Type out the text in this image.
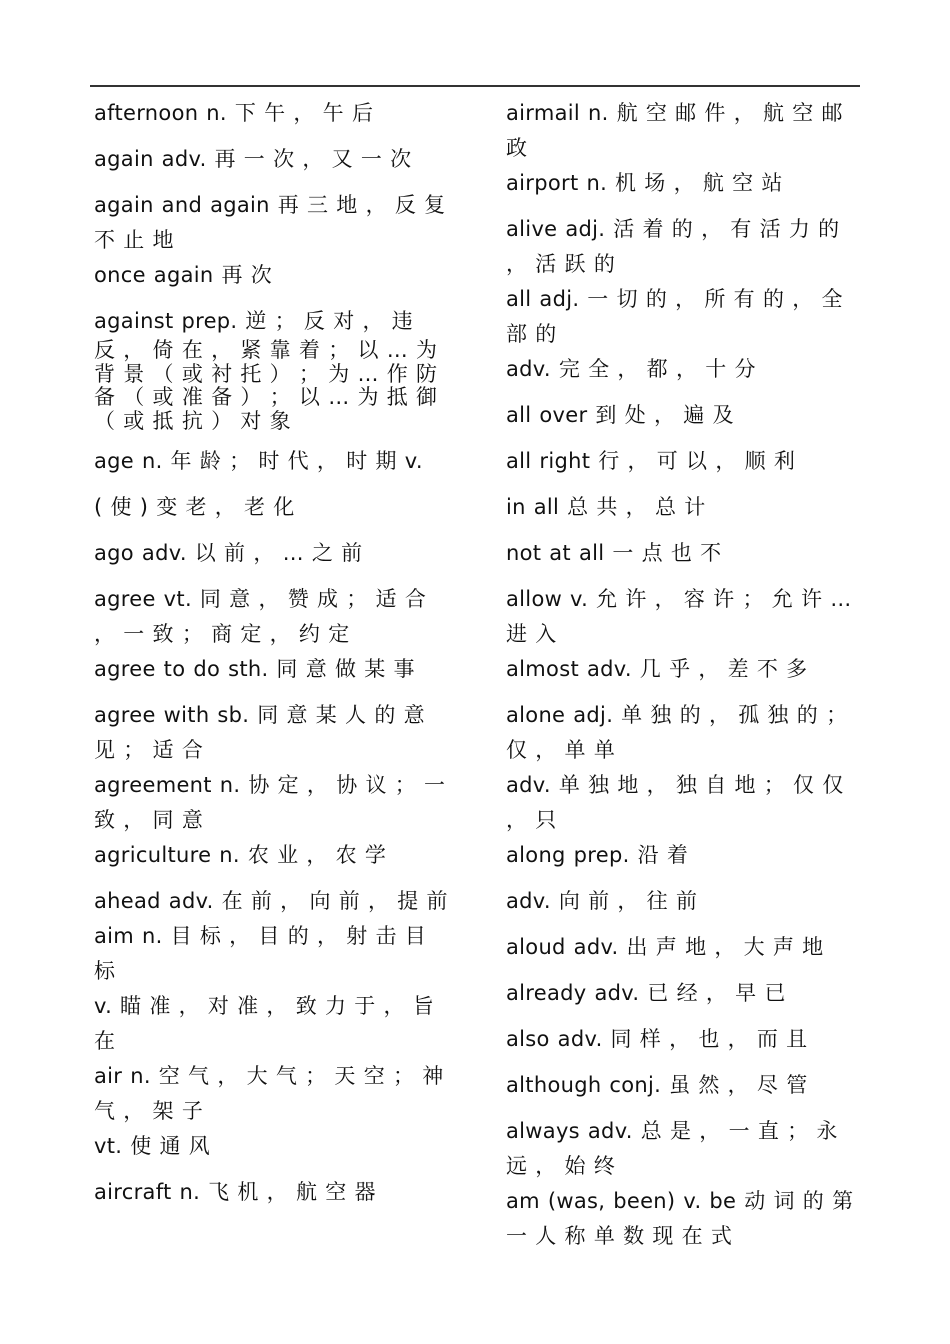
afternoon n. 下 午 ， 午 后
again adv. 再 一 次 ， 又 一 次
again and again 再 三 地 ， 反 复 不 止 地
once again 再 次
against prep. 逆 ； 反 对 ， 违
反 ， 倚 在 ， 紧 靠 着 ； 以 … 为 背 景 （ 或 衬 托 ） ； 为 … 作 防 备 （ 或 准 备 ） ； 以 … 为 抵 御 （ 或 抵 抗 ） 对 象
age n. 年 龄 ； 时 代 ， 时 期 v.
( 使 ) 变 老 ， 老 化
ago adv. 以 前 ， … 之 前
agree vt. 同 意 ， 赞 成 ； 适 合 ， 一 致 ； 商 定 ， 约 定
agree to do sth. 同 意 做 某 事
agree with sb. 同 意 某 人 的 意 见 ； 适 合
agreement n. 协 定 ， 协 议 ； 一 致 ， 同 意
agriculture n. 农 业 ， 农 学
ahead adv. 在 前 ， 向 前 ， 提 前
aim n. 目 标 ， 目 的 ， 射 击 目 标
v. 瞄 准 ， 对 准 ， 致 力 于 ， 旨 在
air n. 空 气 ， 大 气 ； 天 空 ； 神 气 ， 架 子
vt. 使 通 风
aircraft n. 飞 机 ， 航 空 器
airmail n. 航 空 邮 件 ， 航 空 邮 政
airport n. 机 场 ， 航 空 站
alive adj. 活 着 的 ， 有 活 力 的 ， 活 跃 的
all adj. 一 切 的 ， 所 有 的 ， 全 部 的
adv. 完 全 ， 都 ， 十 分
all over 到 处 ， 遍 及
all right 行 ， 可 以 ， 顺 利
in all 总 共 ， 总 计
not at all 一 点 也 不
allow v. 允 许 ， 容 许 ； 允 许 … 进 入
almost adv. 几 乎 ， 差 不 多
alone adj. 单 独 的 ， 孤 独 的 ； 仅 ， 单 单
adv. 单 独 地 ， 独 自 地 ； 仅 仅 ， 只
along prep. 沿 着
adv. 向 前 ， 往 前
aloud adv. 出 声 地 ， 大 声 地
already adv. 已 经 ， 早 已
also adv. 同 样 ， 也 ， 而 且
although conj. 虽 然 ， 尽 管
always adv. 总 是 ， 一 直 ； 永 远 ， 始 终
am (was, been) v. be 动 词 的 第 一 人 称 单 数 现 在 式
